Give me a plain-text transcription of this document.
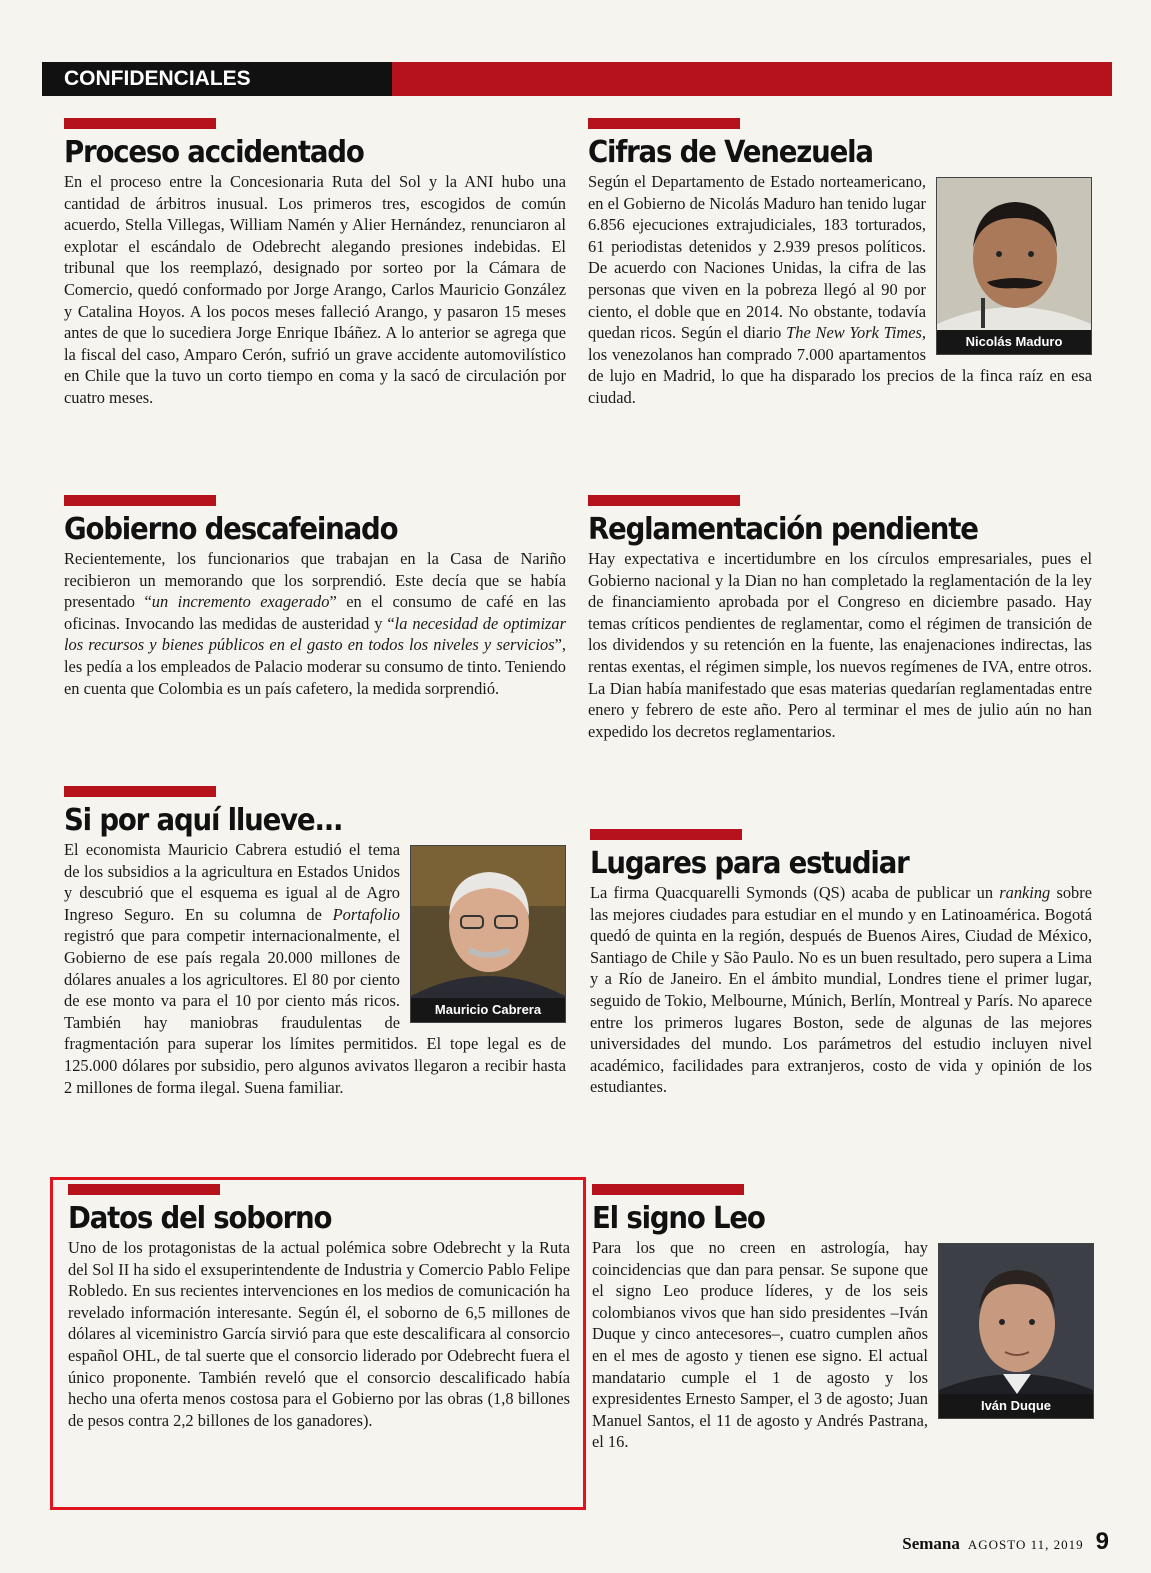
CONFIDENCIALES
Proceso accidentado

En el proceso entre la Concesionaria Ruta del Sol y la ANI hubo una cantidad de árbitros inusual. Los primeros tres, escogidos de común acuerdo, Stella Villegas, William Namén y Alier Hernández, renunciaron al explotar el escándalo de Odebrecht alegando presiones indebidas. El tribunal que los reemplazó, designado por sorteo por la Cámara de Comercio, quedó conformado por Jorge Arango, Carlos Mauricio González y Catalina Hoyos. A los pocos meses falleció Arango, y pasaron 15 meses antes de que lo sucediera Jorge Enrique Ibáñez. A lo anterior se agrega que la fiscal del caso, Amparo Cerón, sufrió un grave accidente automovilístico en Chile que la tuvo un corto tiempo en coma y la sacó de circulación por cuatro meses.

Gobierno descafeinado

Recientemente, los funcionarios que trabajan en la Casa de Nariño recibieron un memorando que los sorprendió. Este decía que se había presentado “un incremento exagerado” en el consumo de café en las oficinas. Invocando las medidas de austeridad y “la necesidad de optimizar los recursos y bienes públicos en el gasto en todos los niveles y servicios”, les pedía a los empleados de Palacio moderar su consumo de tinto. Teniendo en cuenta que Colombia es un país cafetero, la medida sorprendió.

Si por aquí llueve...

Mauricio Cabrera
El economista Mauricio Cabrera estudió el tema de los subsidios a la agricultura en Estados Unidos y descubrió que el esquema es igual al de Agro Ingreso Seguro. En su columna de Portafolio registró que para competir internacionalmente, el Gobierno de ese país regala 20.000 millones de dólares anuales a los agricultores. El 80 por ciento de ese monto va para el 10 por ciento más ricos. También hay maniobras fraudulentas de fragmentación para superar los límites permitidos. El tope legal es de 125.000 dólares por subsidio, pero algunos avivatos llegaron a recibir hasta 2 millones de forma ilegal. Suena familiar.

Datos del soborno

Uno de los protagonistas de la actual polémica sobre Odebrecht y la Ruta del Sol II ha sido el exsuperintendente de Industria y Comercio Pablo Felipe Robledo. En sus recientes intervenciones en los medios de comunicación ha revelado información interesante. Según él, el soborno de 6,5 millones de dólares al viceministro García sirvió para que este descalificara al consorcio español OHL, de tal suerte que el consorcio liderado por Odebrecht fuera el único proponente. También reveló que el consorcio descalificado había hecho una oferta menos costosa para el Gobierno por las obras (1,8 billones de pesos contra 2,2 billones de los ganadores).

Cifras de Venezuela

Nicolás Maduro
Según el Departamento de Estado norteamericano, en el Gobierno de Nicolás Maduro han tenido lugar 6.856 ejecuciones extrajudiciales, 183 torturados, 61 periodistas detenidos y 2.939 presos políticos. De acuerdo con Naciones Unidas, la cifra de las personas que viven en la pobreza llegó al 90 por ciento, el doble que en 2014. No obstante, todavía quedan ricos. Según el diario The New York Times, los venezolanos han comprado 7.000 apartamentos de lujo en Madrid, lo que ha disparado los precios de la finca raíz en esa ciudad.

Reglamentación pendiente

Hay expectativa e incertidumbre en los círculos empresariales, pues el Gobierno nacional y la Dian no han completado la reglamentación de la ley de financiamiento aprobada por el Congreso en diciembre pasado. Hay temas críticos pendientes de reglamentar, como el régimen de transición de los dividendos y su retención en la fuente, las enajenaciones indirectas, las rentas exentas, el régimen simple, los nuevos regímenes de IVA, entre otros. La Dian había manifestado que esas materias quedarían reglamentadas entre enero y febrero de este año. Pero al terminar el mes de julio aún no han expedido los decretos reglamentarios.

Lugares para estudiar

La firma Quacquarelli Symonds (QS) acaba de publicar un ranking sobre las mejores ciudades para estudiar en el mundo y en Latinoamérica. Bogotá quedó de quinta en la región, después de Buenos Aires, Ciudad de México, Santiago de Chile y São Paulo. No es un buen resultado, pero supera a Lima y a Río de Janeiro. En el ámbito mundial, Londres tiene el primer lugar, seguido de Tokio, Melbourne, Múnich, Berlín, Montreal y París. No aparece entre los primeros lugares Boston, sede de algunas de las mejores universidades del mundo. Los parámetros del estudio incluyen nivel académico, facilidades para extranjeros, costo de vida y opinión de los estudiantes.

El signo Leo

Iván Duque
Para los que no creen en astrología, hay coincidencias que dan para pensar. Se supone que el signo Leo produce líderes, y de los seis colombianos vivos que han sido presidentes –Iván Duque y cinco antecesores–, cuatro cumplen años en el mes de agosto y tienen ese signo. El actual mandatario cumple el 1 de agosto y los expresidentes Ernesto Samper, el 3 de agosto; Juan Manuel Santos, el 11 de agosto y Andrés Pastrana, el 16.

Semana AGOSTO 11, 2019 9
